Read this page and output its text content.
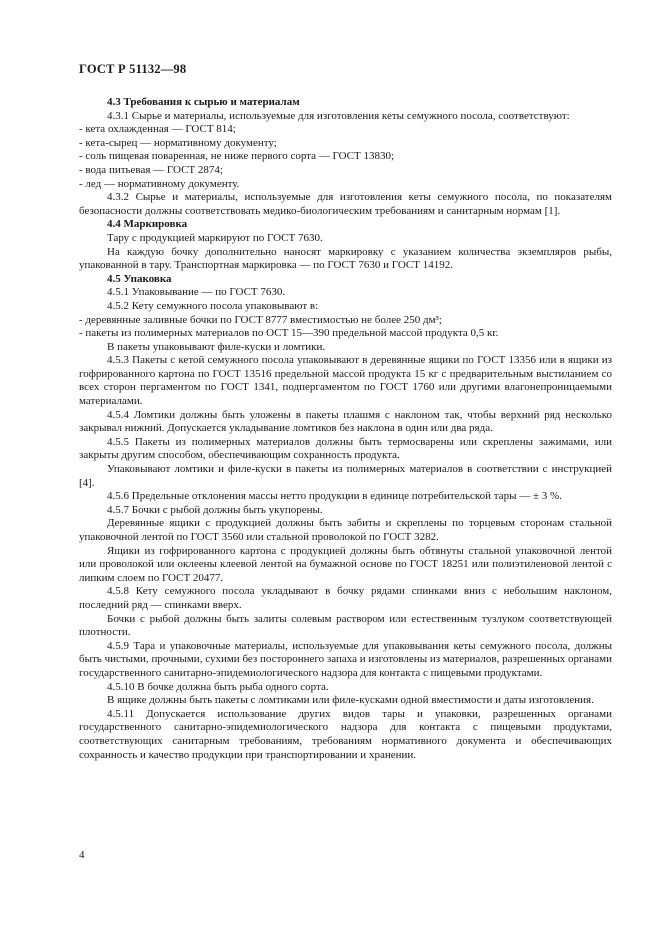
ГОСТ Р 51132—98

4.3 Требования к сырью и материалам

4.3.1 Сырье и материалы, используемые для изготовления кеты семужного посола, соответствуют:

- кета охлажденная — ГОСТ 814;

- кета-сырец — нормативному документу;

- соль пищевая поваренная, не ниже первого сорта — ГОСТ 13830;

- вода питьевая — ГОСТ 2874;

- лед — нормативному документу.

4.3.2 Сырье и материалы, используемые для изготовления кеты семужного посола, по показателям безопасности должны соответствовать медико-биологическим требованиям и санитарным нормам [1].

4.4 Маркировка

Тару с продукцией маркируют по ГОСТ 7630.

На каждую бочку дополнительно наносят маркировку с указанием количества экземпляров рыбы, упакованной в тару. Транспортная маркировка — по ГОСТ 7630 и ГОСТ 14192.

4.5 Упаковка

4.5.1 Упаковывание — по ГОСТ 7630.

4.5.2 Кету семужного посола упаковывают в:

- деревянные заливные бочки по ГОСТ 8777 вместимостью не более 250 дм³;

- пакеты из полимерных материалов по ОСТ 15—390 предельной массой продукта 0,5 кг.

В пакеты упаковывают филе-куски и ломтики.

4.5.3 Пакеты с кетой семужного посола упаковывают в деревянные ящики по ГОСТ 13356 или в ящики из гофрированного картона по ГОСТ 13516 предельной массой продукта 15 кг с предварительным выстиланием со всех сторон пергаментом по ГОСТ 1341, подпергаментом по ГОСТ 1760 или другими влагонепроницаемыми материалами.

4.5.4 Ломтики должны быть уложены в пакеты плашмя с наклоном так, чтобы верхний ряд несколько закрывал нижний. Допускается укладывание ломтиков без наклона в один или два ряда.

4.5.5 Пакеты из полимерных материалов должны быть термосварены или скреплены зажимами, или закрыты другим способом, обеспечивающим сохранность продукта.

Упаковывают ломтики и филе-куски в пакеты из полимерных материалов в соответствии с инструкцией [4].

4.5.6 Предельные отклонения массы нетто продукции в единице потребительской тары — ± 3 %.

4.5.7 Бочки с рыбой должны быть укупорены.

Деревянные ящики с продукцией должны быть забиты и скреплены по торцевым сторонам стальной упаковочной лентой по ГОСТ 3560 или стальной проволокой по ГОСТ 3282.

Ящики из гофрированного картона с продукцией должны быть обтянуты стальной упаковочной лентой или проволокой или оклеены клеевой лентой на бумажной основе по ГОСТ 18251 или полиэтиленовой лентой с липким слоем по ГОСТ 20477.

4.5.8 Кету семужного посола укладывают в бочку рядами спинками вниз с небольшим наклоном, последний ряд — спинками вверх.

Бочки с рыбой должны быть залиты солевым раствором или естественным тузлуком соответствующей плотности.

4.5.9 Тара и упаковочные материалы, используемые для упаковывания кеты семужного посола, должны быть чистыми, прочными, сухими без постороннего запаха и изготовлены из материалов, разрешенных органами государственного санитарно-эпидемиологического надзора для контакта с пищевыми продуктами.

4.5.10 В бочке должна быть рыба одного сорта.

В ящике должны быть пакеты с ломтиками или филе-кусками одной вместимости и даты изготовления.

4.5.11 Допускается использование других видов тары и упаковки, разрешенных органами государственного санитарно-эпидемиологического надзора для контакта с пищевыми продуктами, соответствующих санитарным требованиям, требованиям нормативного документа и обеспечивающих сохранность и качество продукции при транспортировании и хранении.

4
